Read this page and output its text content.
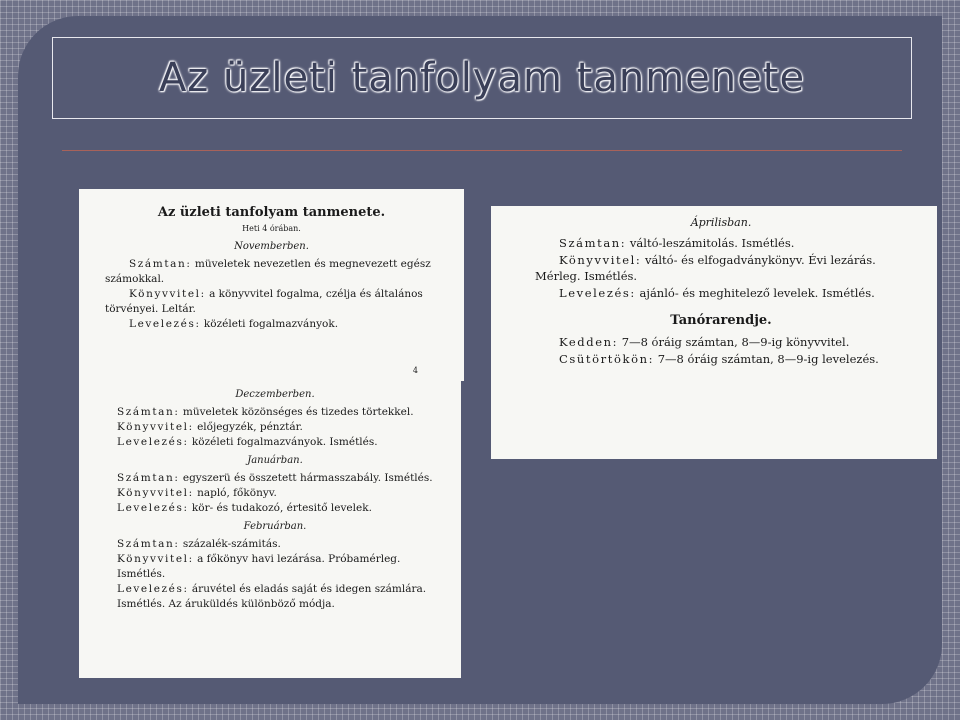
Az üzleti tanfolyam tanmenete

Az üzleti tanfolyam tanmenete.

Heti 4 órában.

Novemberben.

Számtan: müveletek nevezetlen és megnevezett egész számokkal.

Könyvvitel: a könyvvitel fogalma, czélja és általános törvényei. Leltár.

Levelezés: közéleti fogalmazványok.

4

Deczemberben.

Számtan: müveletek közönséges és tizedes törtekkel.

Könyvvitel: előjegyzék, pénztár.

Levelezés: közéleti fogalmazványok. Ismétlés.

Januárban.

Számtan: egyszerü és összetett hármasszabály. Ismétlés.

Könyvvitel: napló, főkönyv.

Levelezés: kör- és tudakozó, értesitő levelek.

Februárban.

Számtan: százalék-számitás.

Könyvvitel: a főkönyv havi lezárása. Próbamérleg. Ismétlés.

Levelezés: áruvétel és eladás saját és idegen számlára. Ismétlés. Az áruküldés különböző módja.

Áprilisban.

Számtan: váltó-leszámitolás. Ismétlés.

Könyvvitel: váltó- és elfogadványkönyv. Évi lezárás. Mérleg. Ismétlés.

Levelezés: ajánló- és meghitelező levelek. Ismétlés.

Tanórarendje.

Kedden: 7—8 óráig számtan, 8—9-ig könyvvitel.

Csütörtökön: 7—8 óráig számtan, 8—9-ig levelezés.
